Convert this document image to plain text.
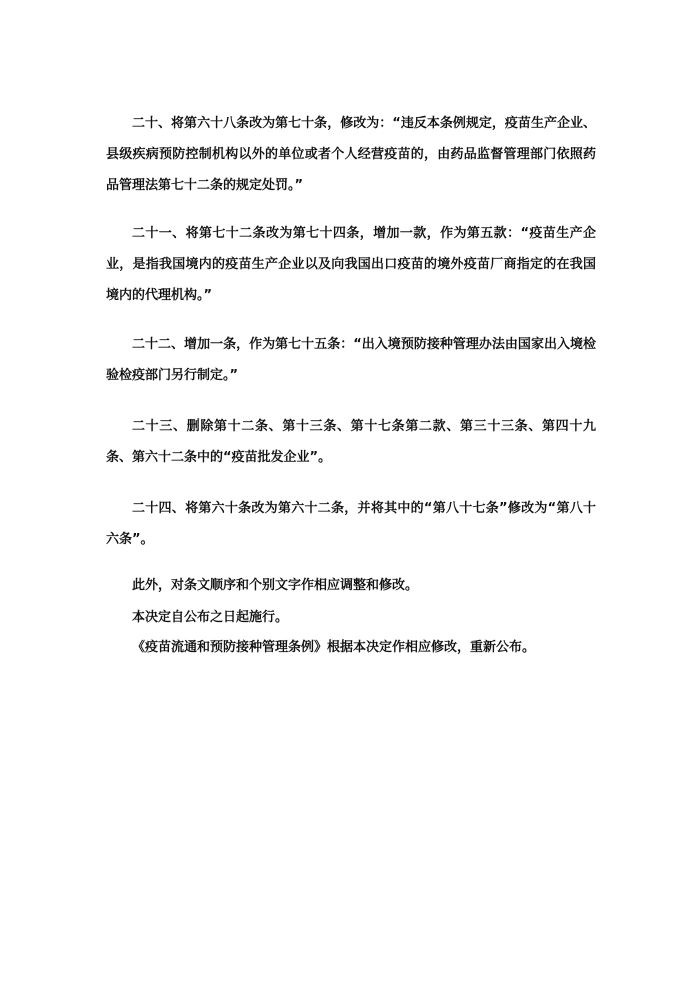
二十、将第六十八条改为第七十条，修改为：“违反本条例规定，疫苗生产企业、县级疾病预防控制机构以外的单位或者个人经营疫苗的，由药品监督管理部门依照药品管理法第七十二条的规定处罚。”

二十一、将第七十二条改为第七十四条，增加一款，作为第五款：“疫苗生产企业，是指我国境内的疫苗生产企业以及向我国出口疫苗的境外疫苗厂商指定的在我国境内的代理机构。”

二十二、增加一条，作为第七十五条：“出入境预防接种管理办法由国家出入境检验检疫部门另行制定。”

二十三、删除第十二条、第十三条、第十七条第二款、第三十三条、第四十九条、第六十二条中的“疫苗批发企业”。

二十四、将第六十条改为第六十二条，并将其中的“第八十七条”修改为“第八十六条”。

此外，对条文顺序和个别文字作相应调整和修改。

本决定自公布之日起施行。

《疫苗流通和预防接种管理条例》根据本决定作相应修改，重新公布。
